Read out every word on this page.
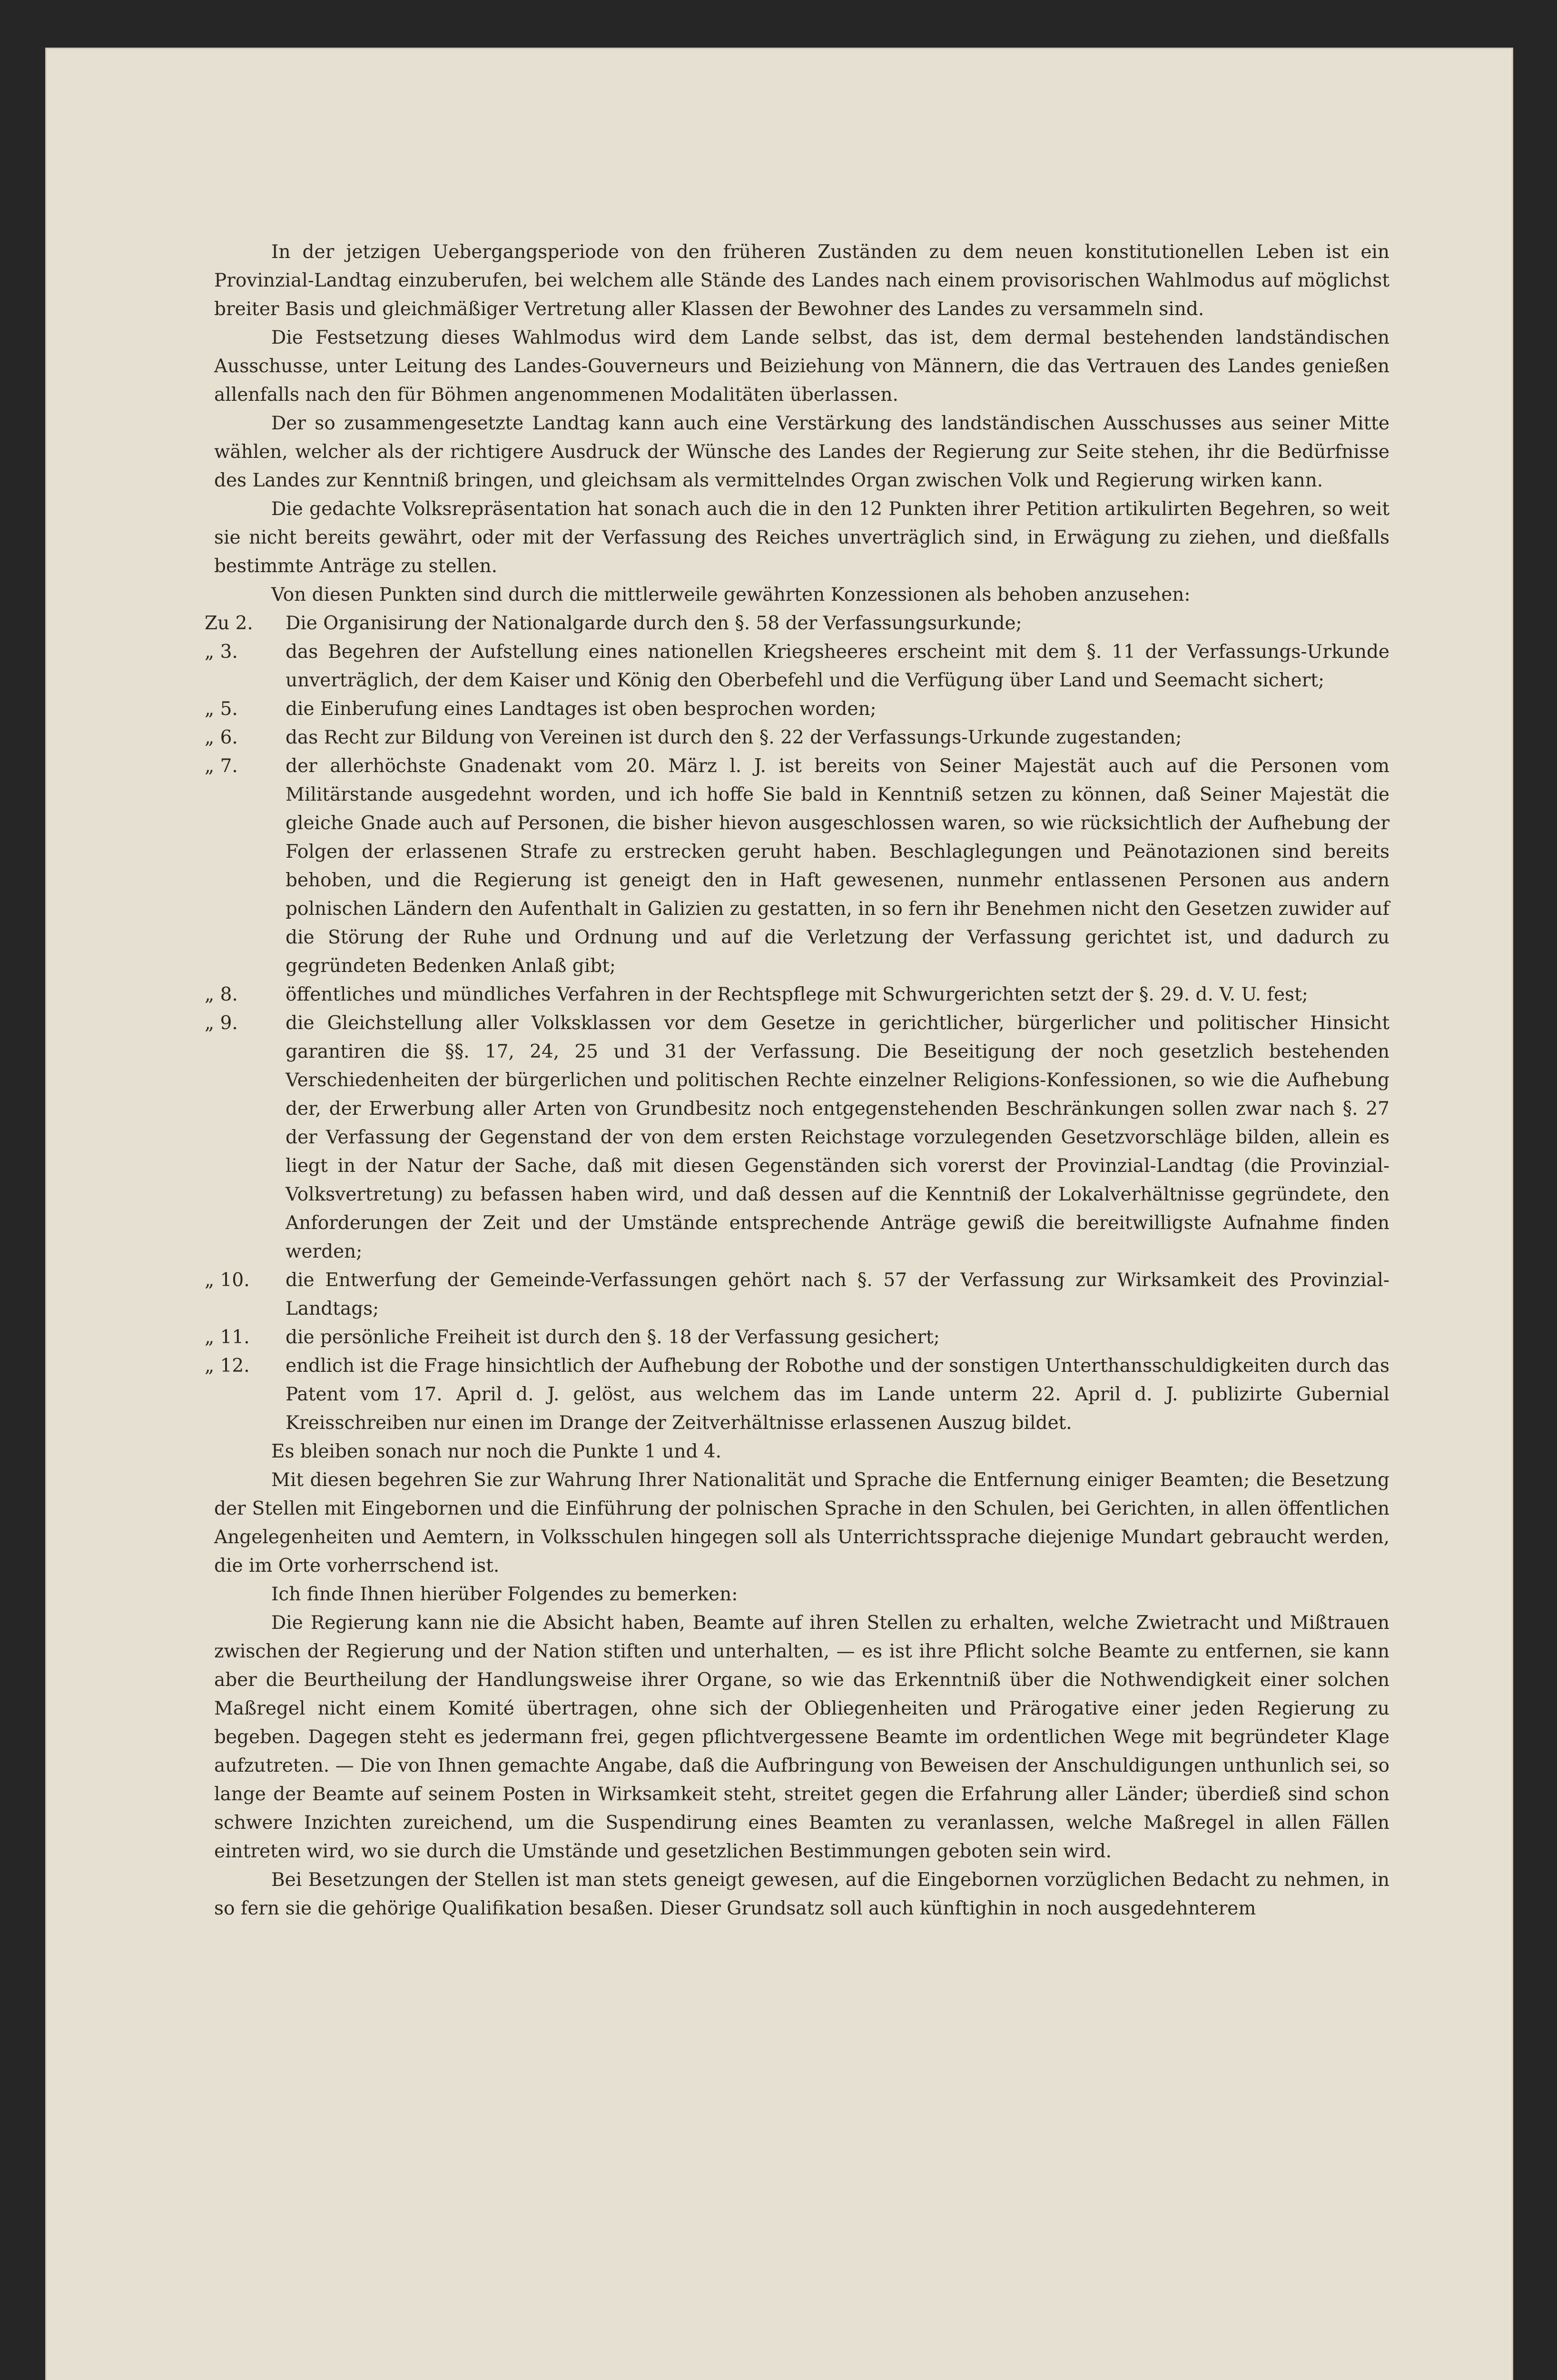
In der jetzigen Uebergangsperiode von den früheren Zuständen zu dem neuen konstitutionellen Leben ist ein Provinzial-Landtag einzuberufen, bei welchem alle Stände des Landes nach einem provisorischen Wahlmodus auf möglichst breiter Basis und gleichmäßiger Vertretung aller Klassen der Bewohner des Landes zu versammeln sind.

Die Festsetzung dieses Wahlmodus wird dem Lande selbst, das ist, dem dermal bestehenden landständischen Ausschusse, unter Leitung des Landes-Gouverneurs und Beiziehung von Männern, die das Vertrauen des Landes genießen allenfalls nach den für Böhmen angenommenen Modalitäten überlassen.

Der so zusammengesetzte Landtag kann auch eine Verstärkung des landständischen Ausschusses aus seiner Mitte wählen, welcher als der richtigere Ausdruck der Wünsche des Landes der Regierung zur Seite stehen, ihr die Bedürfnisse des Landes zur Kenntniß bringen, und gleichsam als vermittelndes Organ zwischen Volk und Regierung wirken kann.

Die gedachte Volksrepräsentation hat sonach auch die in den 12 Punkten ihrer Petition artikulirten Begehren, so weit sie nicht bereits gewährt, oder mit der Verfassung des Reiches unverträglich sind, in Erwägung zu ziehen, und dießfalls bestimmte Anträge zu stellen.

Von diesen Punkten sind durch die mittlerweile gewährten Konzessionen als behoben anzusehen:

Zu 2.	Die Organisirung der Nationalgarde durch den §. 58 der Verfassungsurkunde;
„ 3.	das Begehren der Aufstellung eines nationellen Kriegsheeres erscheint mit dem §. 11 der Verfassungs-Urkunde unverträglich, der dem Kaiser und König den Oberbefehl und die Verfügung über Land und Seemacht sichert;
„ 5.	die Einberufung eines Landtages ist oben besprochen worden;
„ 6.	das Recht zur Bildung von Vereinen ist durch den §. 22 der Verfassungs-Urkunde zugestanden;
„ 7.	der allerhöchste Gnadenakt vom 20. März l. J. ist bereits von Seiner Majestät auch auf die Personen vom Militärstande ausgedehnt worden, und ich hoffe Sie bald in Kenntniß setzen zu können, daß Seiner Majestät die gleiche Gnade auch auf Personen, die bisher hievon ausgeschlossen waren, so wie rücksichtlich der Aufhebung der Folgen der erlassenen Strafe zu erstrecken geruht haben. Beschlaglegungen und Peänotazionen sind bereits behoben, und die Regierung ist geneigt den in Haft gewesenen, nunmehr entlassenen Personen aus andern polnischen Ländern den Aufenthalt in Galizien zu gestatten, in so fern ihr Benehmen nicht den Gesetzen zuwider auf die Störung der Ruhe und Ordnung und auf die Verletzung der Verfassung gerichtet ist, und dadurch zu gegründeten Bedenken Anlaß gibt;
„ 8.	öffentliches und mündliches Verfahren in der Rechtspflege mit Schwurgerichten setzt der §. 29. d. V. U. fest;
„ 9.	die Gleichstellung aller Volksklassen vor dem Gesetze in gerichtlicher, bürgerlicher und politischer Hinsicht garantiren die §§. 17, 24, 25 und 31 der Verfassung. Die Beseitigung der noch gesetzlich bestehenden Verschiedenheiten der bürgerlichen und politischen Rechte einzelner Religions-Konfessionen, so wie die Aufhebung der, der Erwerbung aller Arten von Grundbesitz noch entgegenstehenden Beschränkungen sollen zwar nach §. 27 der Verfassung der Gegenstand der von dem ersten Reichstage vorzulegenden Gesetzvorschläge bilden, allein es liegt in der Natur der Sache, daß mit diesen Gegenständen sich vorerst der Provinzial-Landtag (die Provinzial-Volksvertretung) zu befassen haben wird, und daß dessen auf die Kenntniß der Lokalverhältnisse gegründete, den Anforderungen der Zeit und der Umstände entsprechende Anträge gewiß die bereitwilligste Aufnahme finden werden;
„ 10.	die Entwerfung der Gemeinde-Verfassungen gehört nach §. 57 der Verfassung zur Wirksamkeit des Provinzial-Landtags;
„ 11.	die persönliche Freiheit ist durch den §. 18 der Verfassung gesichert;
„ 12.	endlich ist die Frage hinsichtlich der Aufhebung der Robothe und der sonstigen Unterthansschuldigkeiten durch das Patent vom 17. April d. J. gelöst, aus welchem das im Lande unterm 22. April d. J. publizirte Gubernial Kreisschreiben nur einen im Drange der Zeitverhältnisse erlassenen Auszug bildet.

Es bleiben sonach nur noch die Punkte 1 und 4.

Mit diesen begehren Sie zur Wahrung Ihrer Nationalität und Sprache die Entfernung einiger Beamten; die Besetzung der Stellen mit Eingebornen und die Einführung der polnischen Sprache in den Schulen, bei Gerichten, in allen öffentlichen Angelegenheiten und Aemtern, in Volksschulen hingegen soll als Unterrichtssprache diejenige Mundart gebraucht werden, die im Orte vorherrschend ist.

Ich finde Ihnen hierüber Folgendes zu bemerken:

Die Regierung kann nie die Absicht haben, Beamte auf ihren Stellen zu erhalten, welche Zwietracht und Mißtrauen zwischen der Regierung und der Nation stiften und unterhalten, — es ist ihre Pflicht solche Beamte zu entfernen, sie kann aber die Beurtheilung der Handlungsweise ihrer Organe, so wie das Erkenntniß über die Nothwendigkeit einer solchen Maßregel nicht einem Komité übertragen, ohne sich der Obliegenheiten und Prärogative einer jeden Regierung zu begeben. Dagegen steht es jedermann frei, gegen pflichtvergessene Beamte im ordentlichen Wege mit begründeter Klage aufzutreten. — Die von Ihnen gemachte Angabe, daß die Aufbringung von Beweisen der Anschuldigungen unthunlich sei, so lange der Beamte auf seinem Posten in Wirksamkeit steht, streitet gegen die Erfahrung aller Länder; überdieß sind schon schwere Inzichten zureichend, um die Suspendirung eines Beamten zu veranlassen, welche Maßregel in allen Fällen eintreten wird, wo sie durch die Umstände und gesetzlichen Bestimmungen geboten sein wird.

Bei Besetzungen der Stellen ist man stets geneigt gewesen, auf die Eingebornen vorzüglichen Bedacht zu nehmen, in so fern sie die gehörige Qualifikation besaßen. Dieser Grundsatz soll auch künftighin in noch ausgedehnterem
